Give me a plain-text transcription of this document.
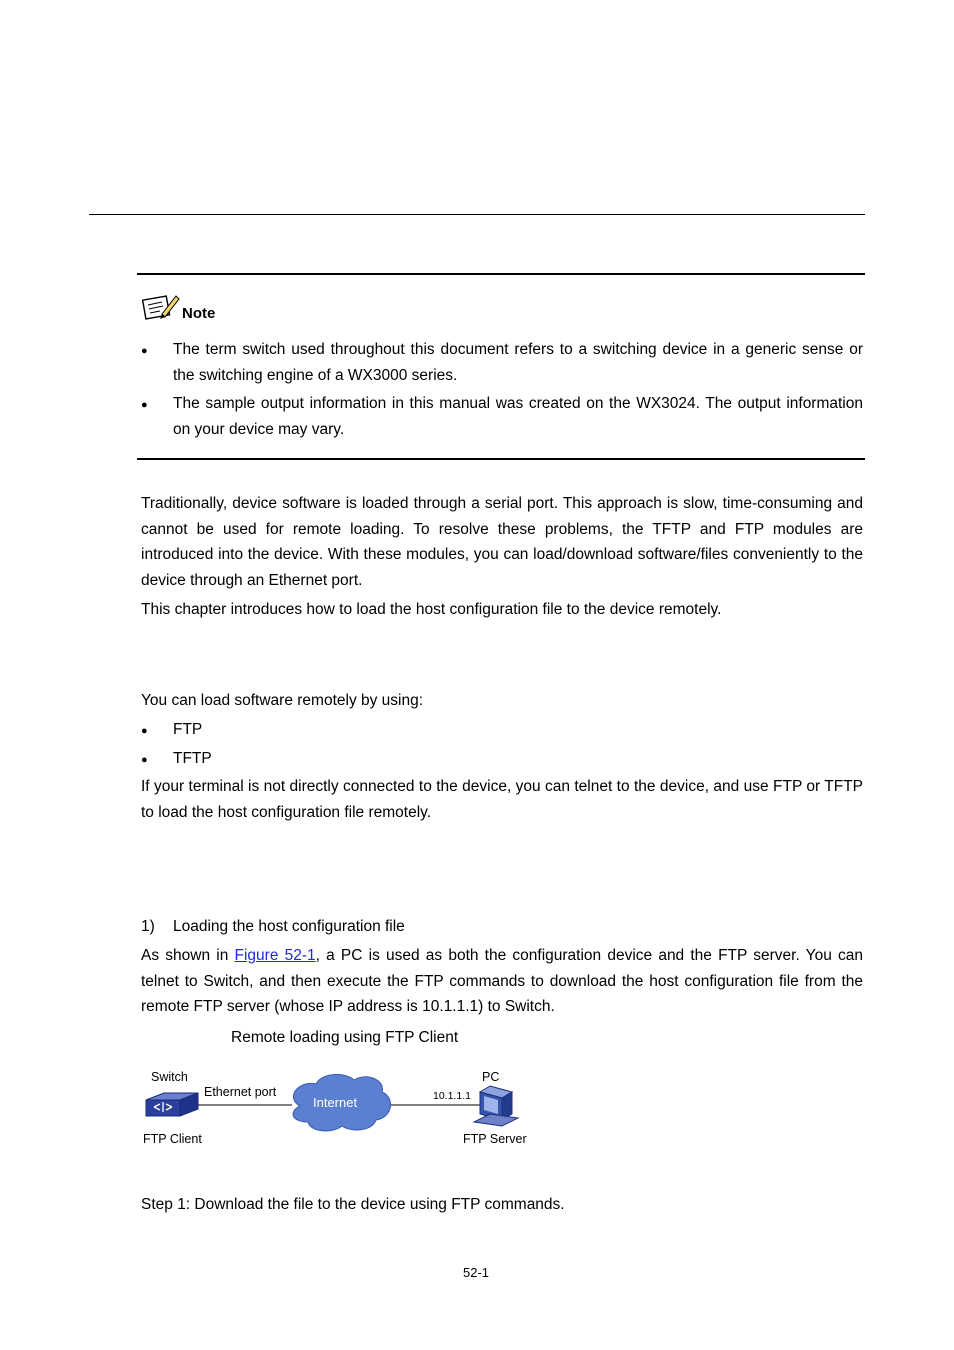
Note
● The term switch used throughout this document refers to a switching device in a generic sense or the switching engine of a WX3000 series.
● The sample output information in this manual was created on the WX3024. The output information on your device may vary.
Traditionally, device software is loaded through a serial port. This approach is slow, time-consuming and cannot be used for remote loading. To resolve these problems, the TFTP and FTP modules are introduced into the device. With these modules, you can load/download software/files conveniently to the device through an Ethernet port.
This chapter introduces how to load the host configuration file to the device remotely.
You can load software remotely by using:
● FTP
● TFTP
If your terminal is not directly connected to the device, you can telnet to the device, and use FTP or TFTP to load the host configuration file remotely.
1) Loading the host configuration file
As shown in Figure 52-1, a PC is used as both the configuration device and the FTP server. You can telnet to Switch, and then execute the FTP commands to download the host configuration file from the remote FTP server (whose IP address is 10.1.1.1) to Switch.
Remote loading using FTP Client
Internet
Switch
Ethernet port
FTP Client
PC
10.1.1.1
FTP Server
Step 1: Download the file to the device using FTP commands.
52-1
